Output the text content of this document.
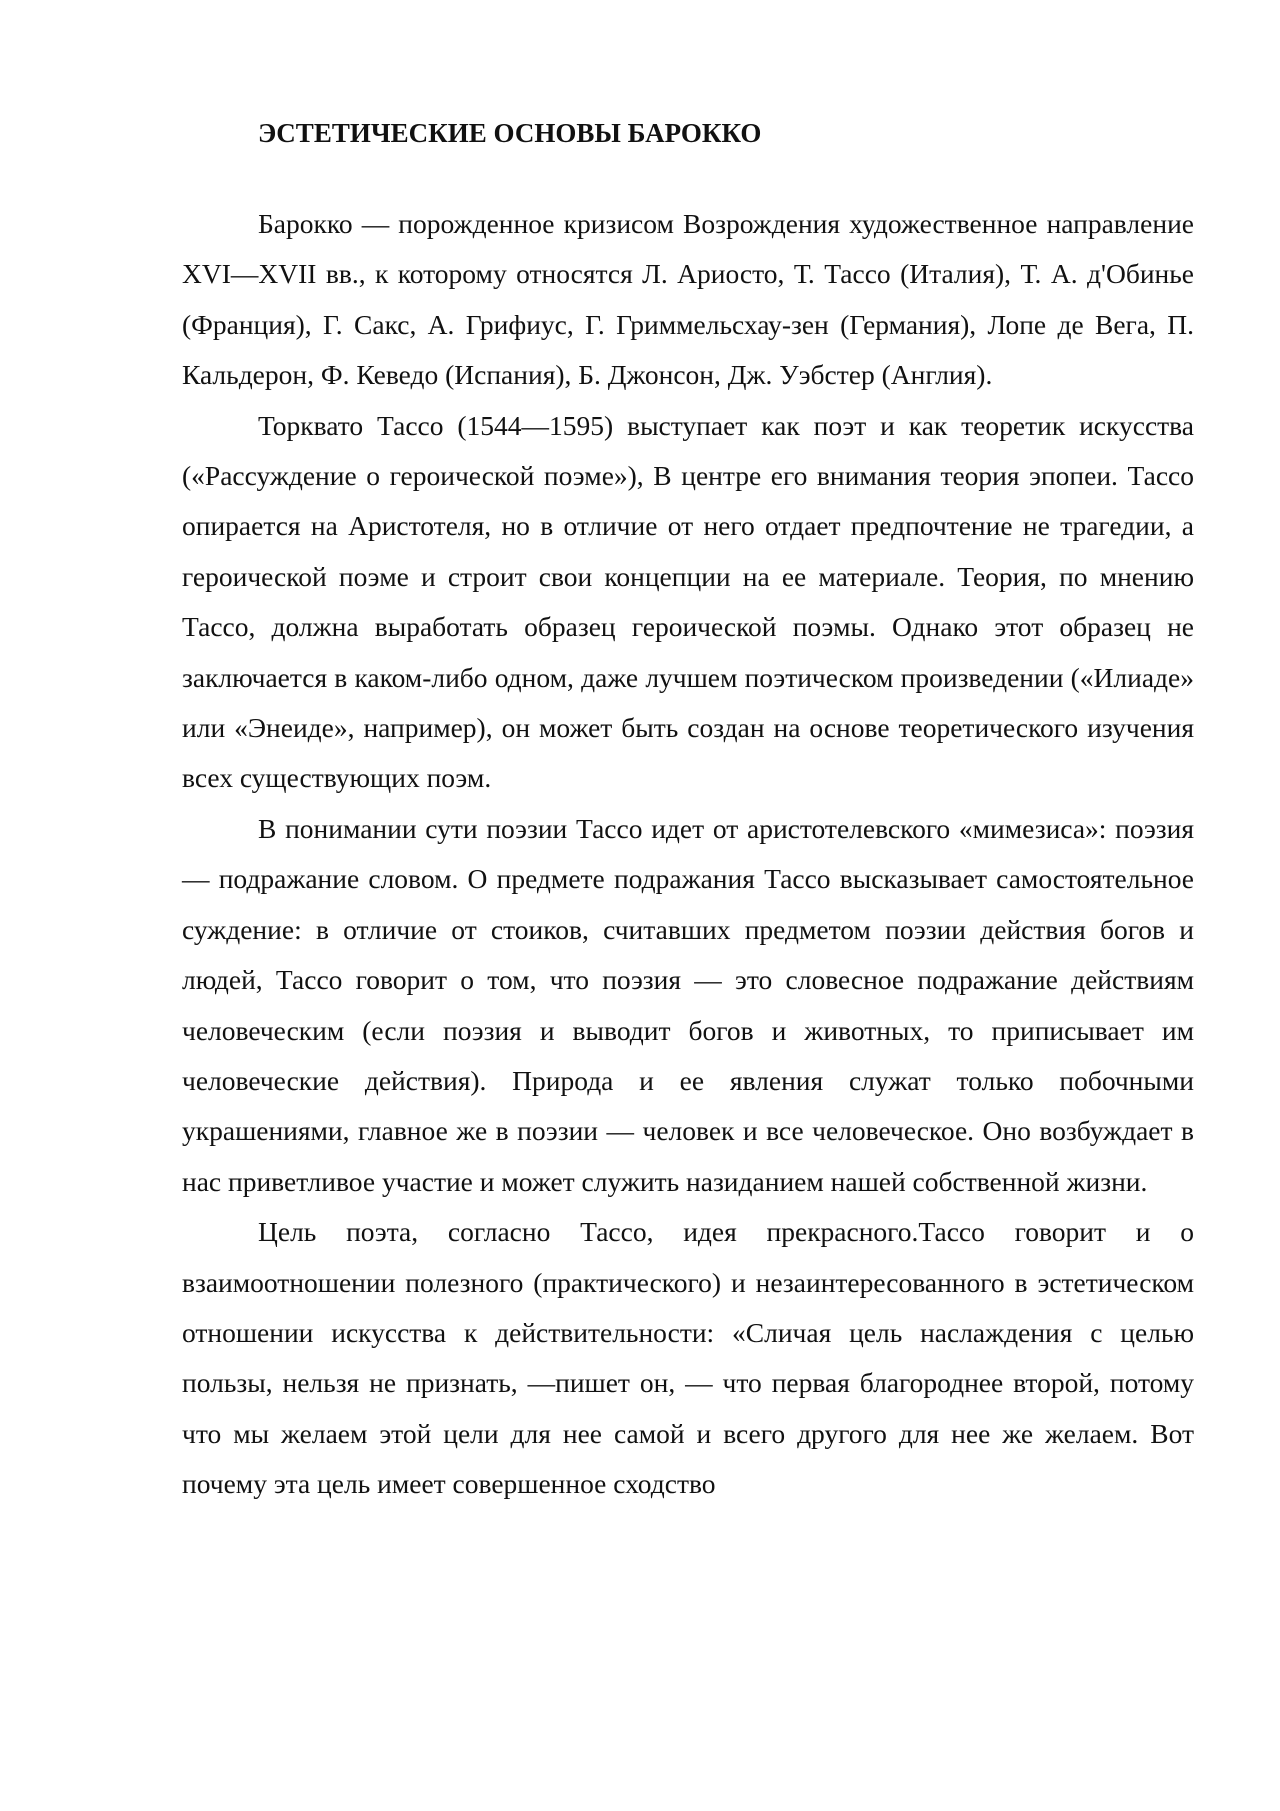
ЭСТЕТИЧЕСКИЕ ОСНОВЫ БАРОККО

Барокко — порожденное кризисом Возрождения художественное направление XVI—XVII вв., к которому относятся Л. Ариосто, Т. Тассо (Италия), Т. А. д'Обинье (Франция), Г. Сакс, А. Грифиус, Г. Гриммельсхау-зен (Германия), Лопе де Вега, П. Кальдерон, Ф. Кеведо (Испания), Б. Джонсон, Дж. Уэбстер (Англия).

Торквато Тассо (1544—1595) выступает как поэт и как теоретик искусства («Рассуждение о героической поэме»), В центре его внимания теория эпопеи. Тассо опирается на Аристотеля, но в отличие от него отдает предпочтение не трагедии, а героической поэме и строит свои концепции на ее материале. Теория, по мнению Тассо, должна выработать образец героической поэмы. Однако этот образец не заключается в каком-либо одном, даже лучшем поэтическом произведении («Илиаде» или «Энеиде», например), он может быть создан на основе теоретического изучения всех существующих поэм.

В понимании сути поэзии Тассо идет от аристотелевского «мимезиса»: поэзия — подражание словом. О предмете подражания Тассо высказывает самостоятельное суждение: в отличие от стоиков, считавших предметом поэзии действия богов и людей, Тассо говорит о том, что поэзия — это словесное подражание действиям человеческим (если поэзия и выводит богов и животных, то приписывает им человеческие действия). Природа и ее явления служат только побочными украшениями, главное же в поэзии — человек и все человеческое. Оно возбуждает в нас приветливое участие и может служить назиданием нашей собственной жизни.

Цель поэта, согласно Тассо, идея прекрасного.Тассо говорит и о взаимоотношении полезного (практического) и незаинтересованного в эстетическом отношении искусства к действительности: «Сличая цель наслаждения с целью пользы, нельзя не признать, —пишет он, — что первая благороднее второй, потому что мы желаем этой цели для нее самой и всего другого для нее же желаем. Вот почему эта цель имеет совершенное сходство
